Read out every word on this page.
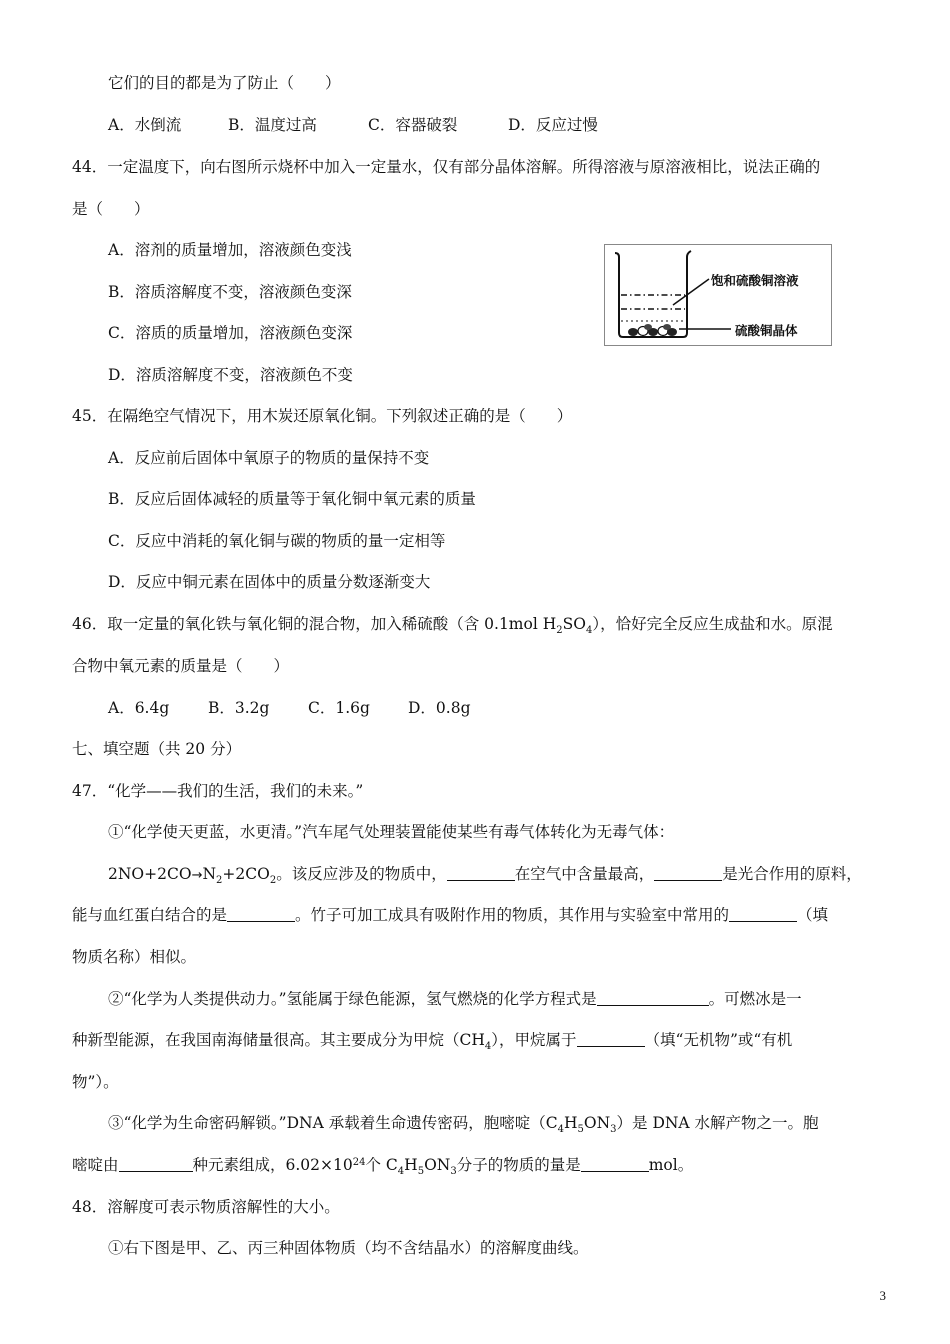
它们的目的都是为了防止（　　）
A．水倒流	B．温度过高	C．容器破裂	D．反应过慢
44．一定温度下，向右图所示烧杯中加入一定量水，仅有部分晶体溶解。所得溶液与原溶液相比，说法正确的
是（　　）
A．溶剂的质量增加，溶液颜色变浅
B．溶质溶解度不变，溶液颜色变深
C．溶质的质量增加，溶液颜色变深
D．溶质溶解度不变，溶液颜色不变
饱和硫酸铜溶液
硫酸铜晶体
45．在隔绝空气情况下，用木炭还原氧化铜。下列叙述正确的是（　　）
A．反应前后固体中氧原子的物质的量保持不变
B．反应后固体减轻的质量等于氧化铜中氧元素的质量
C．反应中消耗的氧化铜与碳的物质的量一定相等
D．反应中铜元素在固体中的质量分数逐渐变大
46．取一定量的氧化铁与氧化铜的混合物，加入稀硫酸（含 0.1mol $H_2SO_4$），恰好完全反应生成盐和水。原混
合物中氧元素的质量是（　　）
A．6.4g B．3.2g C．1.6g D．0.8g
七、填空题（共 20 分）
47．“化学——我们的生活，我们的未来。”
①“化学使天更蓝，水更清。”汽车尾气处理装置能使某些有毒气体转化为无毒气体：
$2NO+2CO\to N_2+2CO_2$。该反应涉及的物质中，	在空气中含量最高，	是光合作用的原料，
能与血红蛋白结合的是	。竹子可加工成具有吸附作用的物质，其作用与实验室中常用的	（填
物质名称）相似。
②“化学为人类提供动力。”氢能属于绿色能源，氢气燃烧的化学方程式是	。可燃冰是一
种新型能源，在我国南海储量很高。其主要成分为甲烷$(CH_4)$，甲烷属于	（填“无机物”或“有机
物”）。
③“化学为生命密码解锁。”DNA 承载着生命遗传密码，胞嘧啶$(C_4H_5ON_3)$是 DNA 水解产物之一。胞
嘧啶由	种元素组成，$6.02\times 10^{24}$个 $C_4H_5ON_3$分子的物质的量是	mol。
48．溶解度可表示物质溶解性的大小。
①右下图是甲、乙、丙三种固体物质（均不含结晶水）的溶解度曲线。
3
